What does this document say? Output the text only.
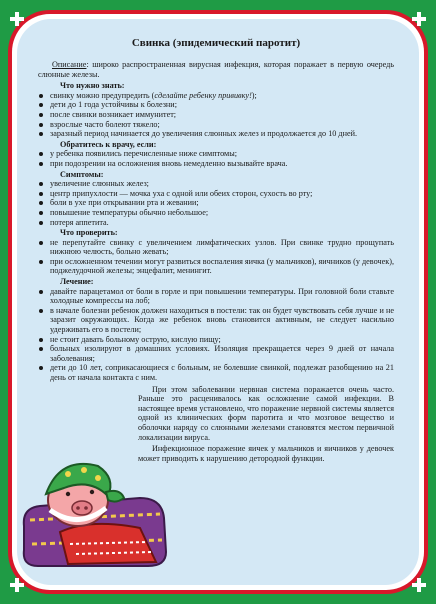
Свинка (эпидемический паротит)

Описание: широко распространенная вирусная инфекция, которая поражает в первую очередь слюнные железы.

Что нужно знать:
свинку можно предупредить (сделайте ребенку прививку!);
дети до 1 года устойчивы к болезни;
после свинки возникает иммунитет;
взрослые часто болеют тяжело;
заразный период начинается до увеличения слюнных желез и продолжается до 10 дней.
Обратитесь к врачу, если:
у ребенка появились перечисленные ниже симптомы;
при подозрении на осложнения вновь немедленно вызывайте врача.
Симптомы:
увеличение слюнных желез;
центр припухлости — мочка уха с одной или обеих сторон, сухость во рту;
боли в ухе при открывании рта и жевании;
повышение температуры обычно небольшое;
потеря аппетита.
Что проверить:
не перепутайте свинку с увеличением лимфатических узлов. При свинке трудно прощупать нижнюю челюсть, больно жевать;
при осложненном течении могут развиться воспаления яичка (у мальчиков), яичников (у девочек), поджелудочной железы; энцефалит, менингит.
Лечение:
давайте парацетамол от боли в горле и при повышении температуры. При головной боли ставьте холодные компрессы на лоб;
в начале болезни ребенок должен находиться в постели: так он будет чувствовать себя лучше и не заразит окружающих. Когда же ребенок вновь становится активным, не следует насильно удерживать его в постели;
не стоит давать больному острую, кислую пищу;
больных изолируют в домашних условиях. Изоляция прекращается через 9 дней от начала заболевания;
дети до 10 лет, соприкасающиеся с больным, не болевшие свинкой, подлежат разобщению на 21 день от начала контакта с ним.

При этом заболевании нервная система поражается очень часто. Раньше это расценивалось как осложнение самой инфекции. В настоящее время установлено, что поражение нервной системы является одной из клинических форм паротита и что мозговое вещество и оболочки наряду со слюнными железами становятся местом первичной локализации вируса.

Инфекционное поражение яичек у мальчиков и яичников у девочек может приводить к нарушению детородной функции.
